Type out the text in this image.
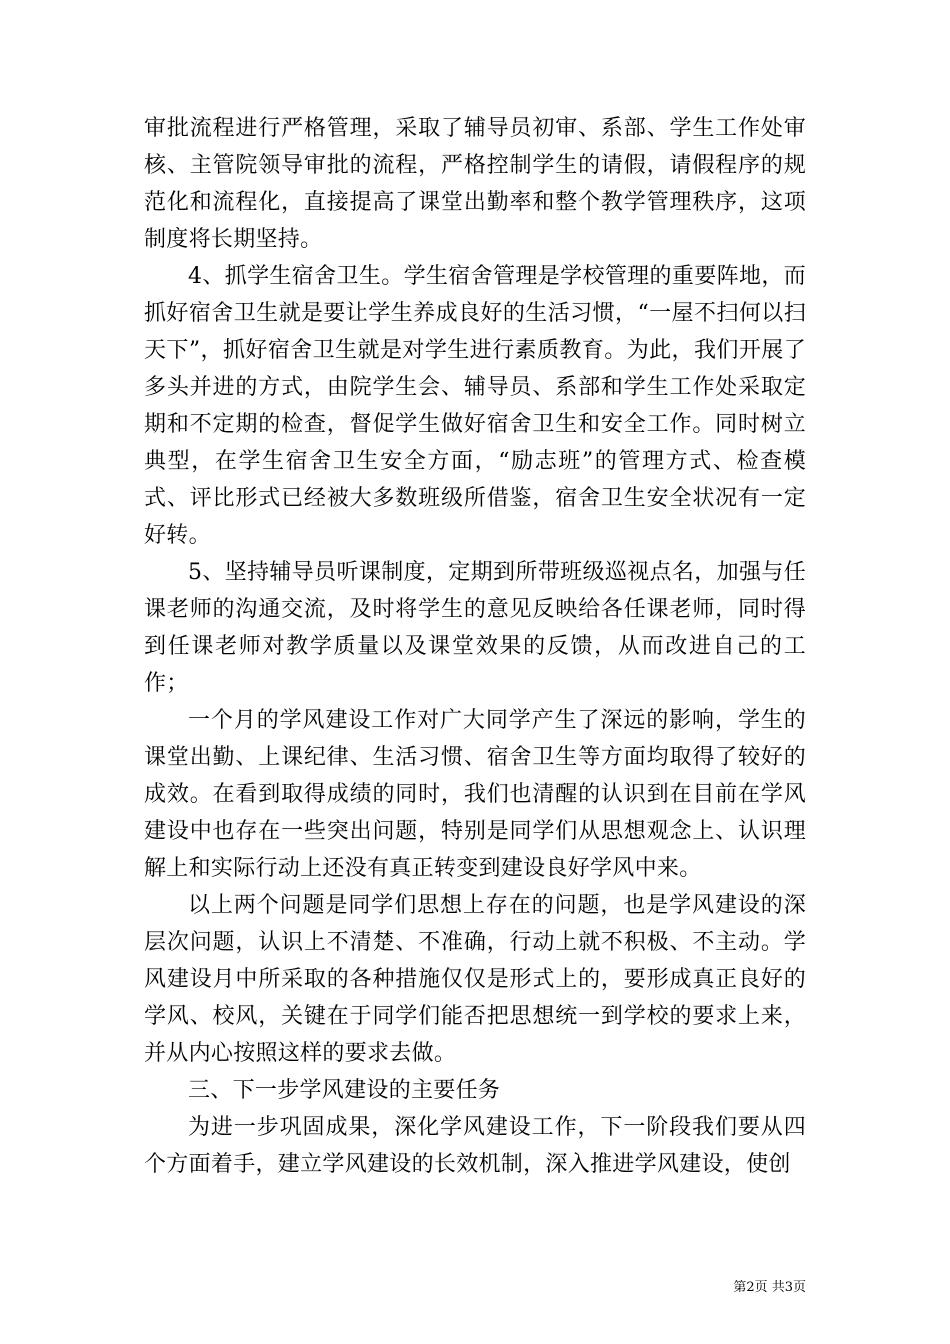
审批流程进行严格管理，采取了辅导员初审、系部、学生工作处审核、主管院领导审批的流程，严格控制学生的请假，请假程序的规范化和流程化，直接提高了课堂出勤率和整个教学管理秩序，这项制度将长期坚持。

4、抓学生宿舍卫生。学生宿舍管理是学校管理的重要阵地，而抓好宿舍卫生就是要让学生养成良好的生活习惯，“一屋不扫何以扫天下”，抓好宿舍卫生就是对学生进行素质教育。为此，我们开展了多头并进的方式，由院学生会、辅导员、系部和学生工作处采取定期和不定期的检查，督促学生做好宿舍卫生和安全工作。同时树立典型，在学生宿舍卫生安全方面，“励志班”的管理方式、检查模式、评比形式已经被大多数班级所借鉴，宿舍卫生安全状况有一定好转。

5、坚持辅导员听课制度，定期到所带班级巡视点名，加强与任课老师的沟通交流，及时将学生的意见反映给各任课老师，同时得到任课老师对教学质量以及课堂效果的反馈，从而改进自己的工作；

一个月的学风建设工作对广大同学产生了深远的影响，学生的课堂出勤、上课纪律、生活习惯、宿舍卫生等方面均取得了较好的成效。在看到取得成绩的同时，我们也清醒的认识到在目前在学风建设中也存在一些突出问题，特别是同学们从思想观念上、认识理解上和实际行动上还没有真正转变到建设良好学风中来。

以上两个问题是同学们思想上存在的问题，也是学风建设的深层次问题，认识上不清楚、不准确，行动上就不积极、不主动。学风建设月中所采取的各种措施仅仅是形式上的，要形成真正良好的学风、校风，关键在于同学们能否把思想统一到学校的要求上来，并从内心按照这样的要求去做。

三、下一步学风建设的主要任务

为进一步巩固成果，深化学风建设工作，下一阶段我们要从四个方面着手，建立学风建设的长效机制，深入推进学风建设，使创

第2页 共3页
